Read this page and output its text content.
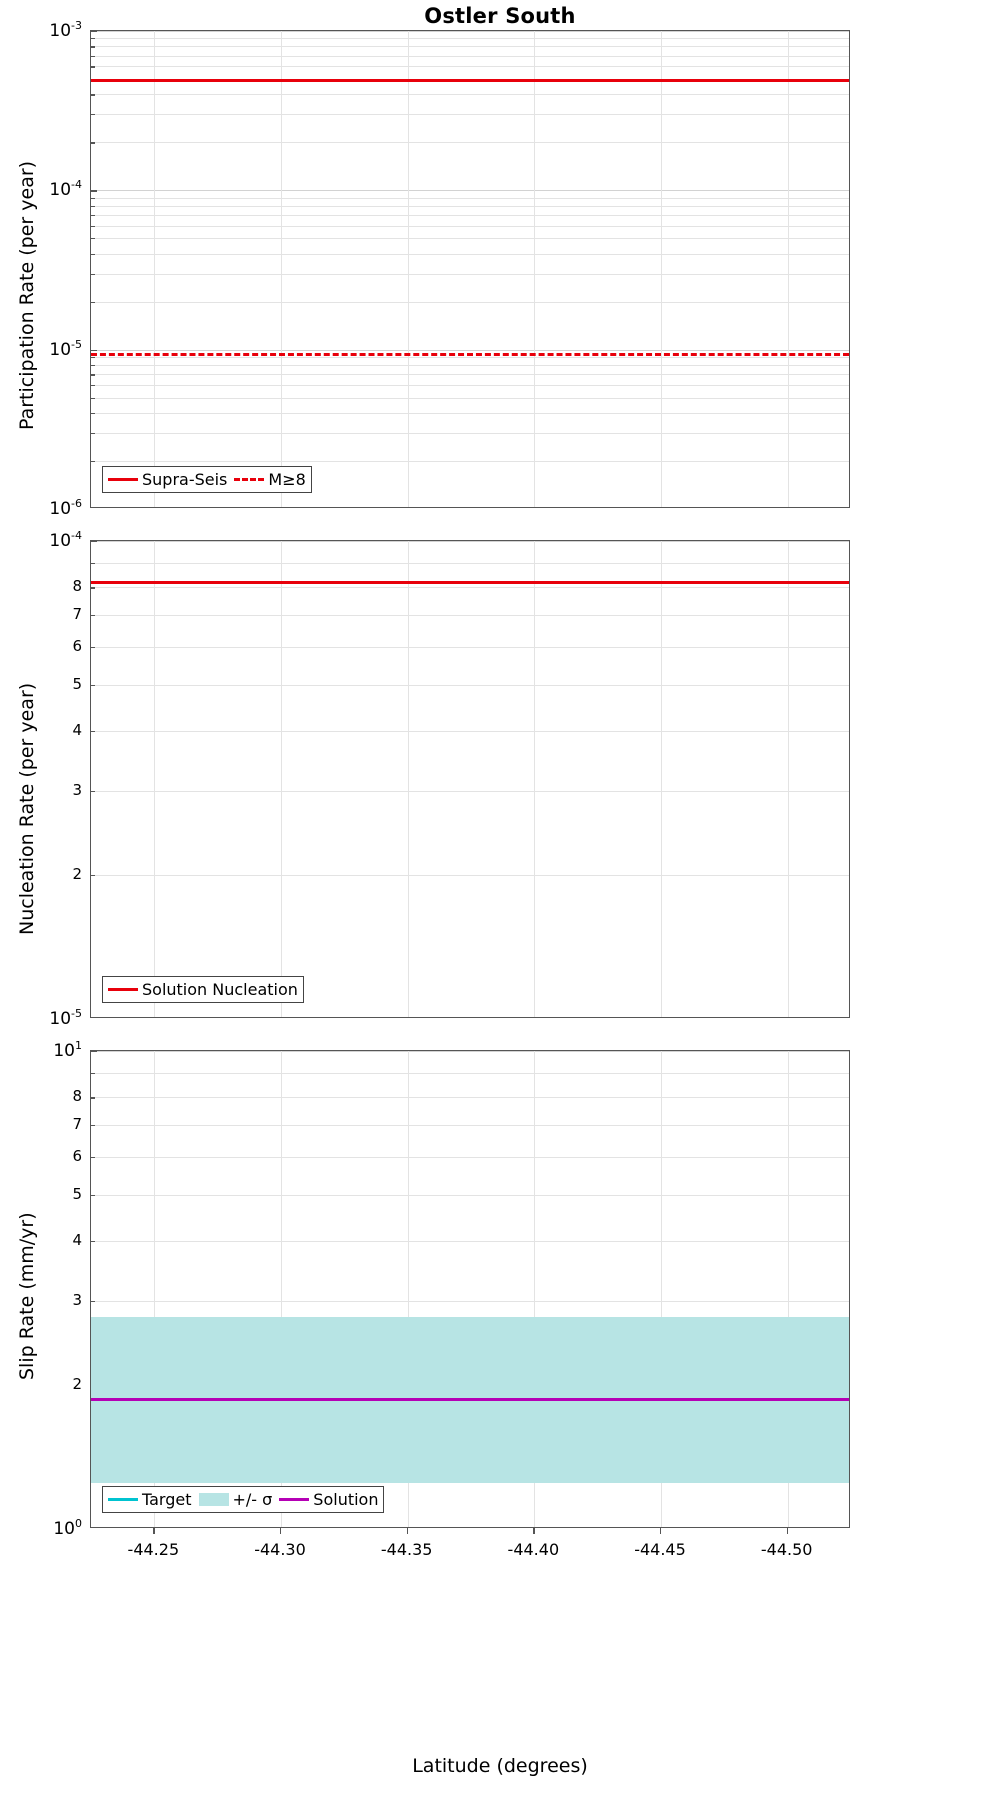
Ostler South
Participation Rate (per year)
Nucleation Rate (per year)
Slip Rate (mm/yr)
-44.25	-44.30	-44.35	-44.40	-44.45	-44.50
Latitude (degrees)
$10^{-3}$
$10^{-4}$
$10^{-5}$
$10^{-6}$
Supra-Seis	M≥8
$10^{-4}$
8
7
6
5
4
3
2
$10^{-5}$
Solution Nucleation
$10^1$
8
7
6
5
4
3
2
$10^0$
Target	+/- σ	Solution
